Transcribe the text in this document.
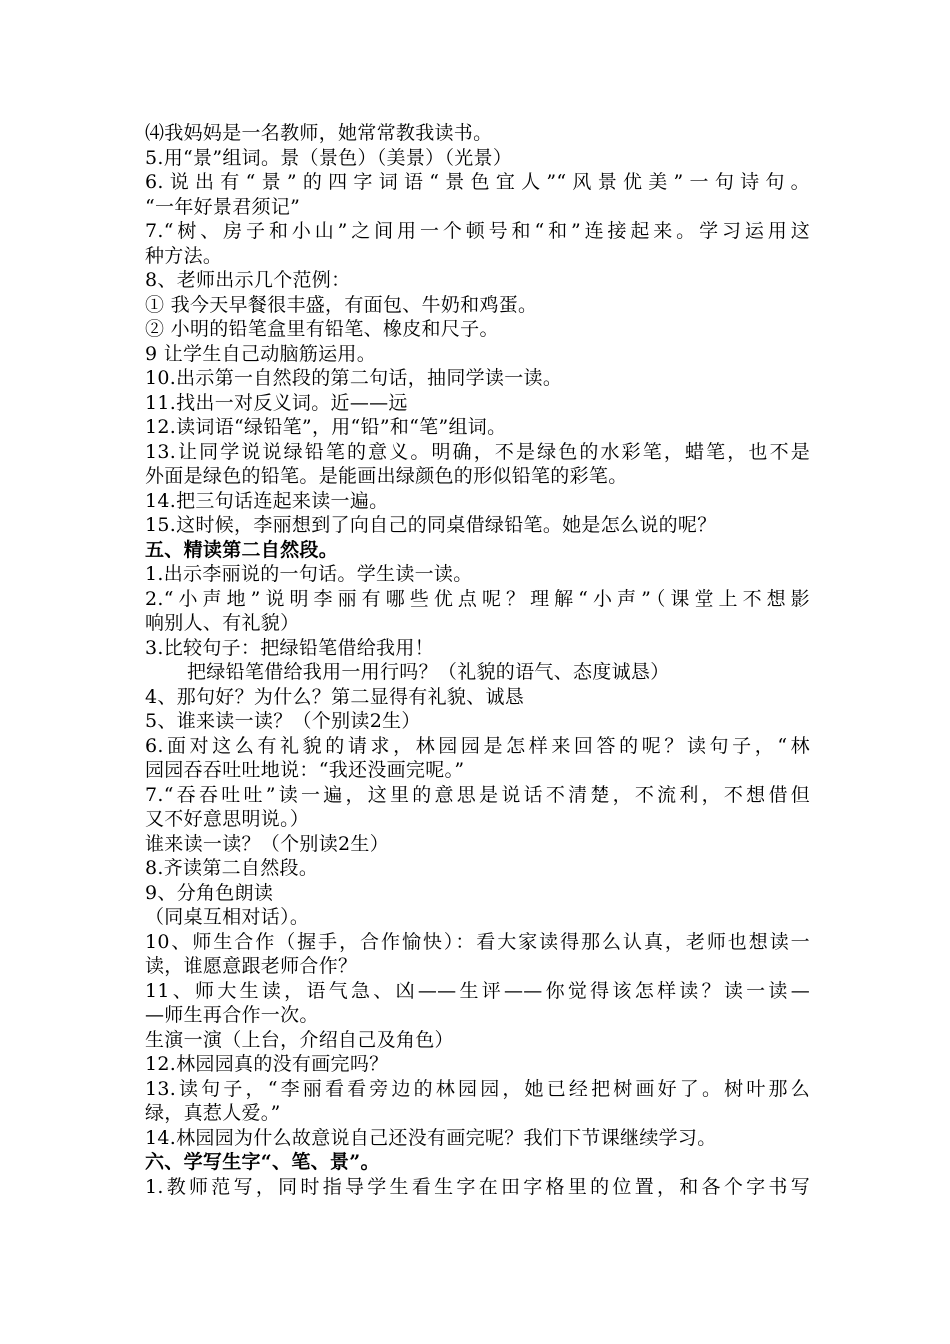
⑷我妈妈是一名教师，她常常教我读书。
5.用“景”组词。景（景色）（美景）（光景）
6.说出有“景”的四字词语“景色宜人”“风景优美”一句诗句。
“一年好景君须记”
7.“树、房子和小山”之间用一个顿号和“和”连接起来。学习运用这
种方法。
8、老师出示几个范例：
① 我今天早餐很丰盛，有面包、牛奶和鸡蛋。
② 小明的铅笔盒里有铅笔、橡皮和尺子。
9 让学生自己动脑筋运用。
10.出示第一自然段的第二句话，抽同学读一读。
11.找出一对反义词。近——远
12.读词语“绿铅笔”，用“铅”和“笔”组词。
13.让同学说说绿铅笔的意义。明确，不是绿色的水彩笔，蜡笔，也不是
外面是绿色的铅笔。是能画出绿颜色的形似铅笔的彩笔。
14.把三句话连起来读一遍。
15.这时候，李丽想到了向自己的同桌借绿铅笔。她是怎么说的呢？
五、精读第二自然段。
1.出示李丽说的一句话。学生读一读。
2.“小声地”说明李丽有哪些优点呢？理解“小声”（课堂上不想影
响别人、有礼貌）
3.比较句子：把绿铅笔借给我用！
把绿铅笔借给我用一用行吗？（礼貌的语气、态度诚恳）
4、那句好？为什么？第二显得有礼貌、诚恳
5、谁来读一读？（个别读2生）
6.面对这么有礼貌的请求，林园园是怎样来回答的呢？读句子，“林
园园吞吞吐吐地说：“我还没画完呢。”
7.“吞吞吐吐”读一遍，这里的意思是说话不清楚，不流利，不想借但
又不好意思明说。）
谁来读一读？（个别读2生）
8.齐读第二自然段。
9、分角色朗读
（同桌互相对话）。
10、师生合作（握手，合作愉快）：看大家读得那么认真，老师也想读一
读，谁愿意跟老师合作？
11、师大生读，语气急、凶——生评——你觉得该怎样读？读一读—
—师生再合作一次。
生演一演（上台，介绍自己及角色）
12.林园园真的没有画完吗？
13.读句子，“李丽看看旁边的林园园，她已经把树画好了。树叶那么
绿，真惹人爱。”
14.林园园为什么故意说自己还没有画完呢？我们下节课继续学习。
六、学写生字“、笔、景”。
1.教师范写，同时指导学生看生字在田字格里的位置，和各个字书写
